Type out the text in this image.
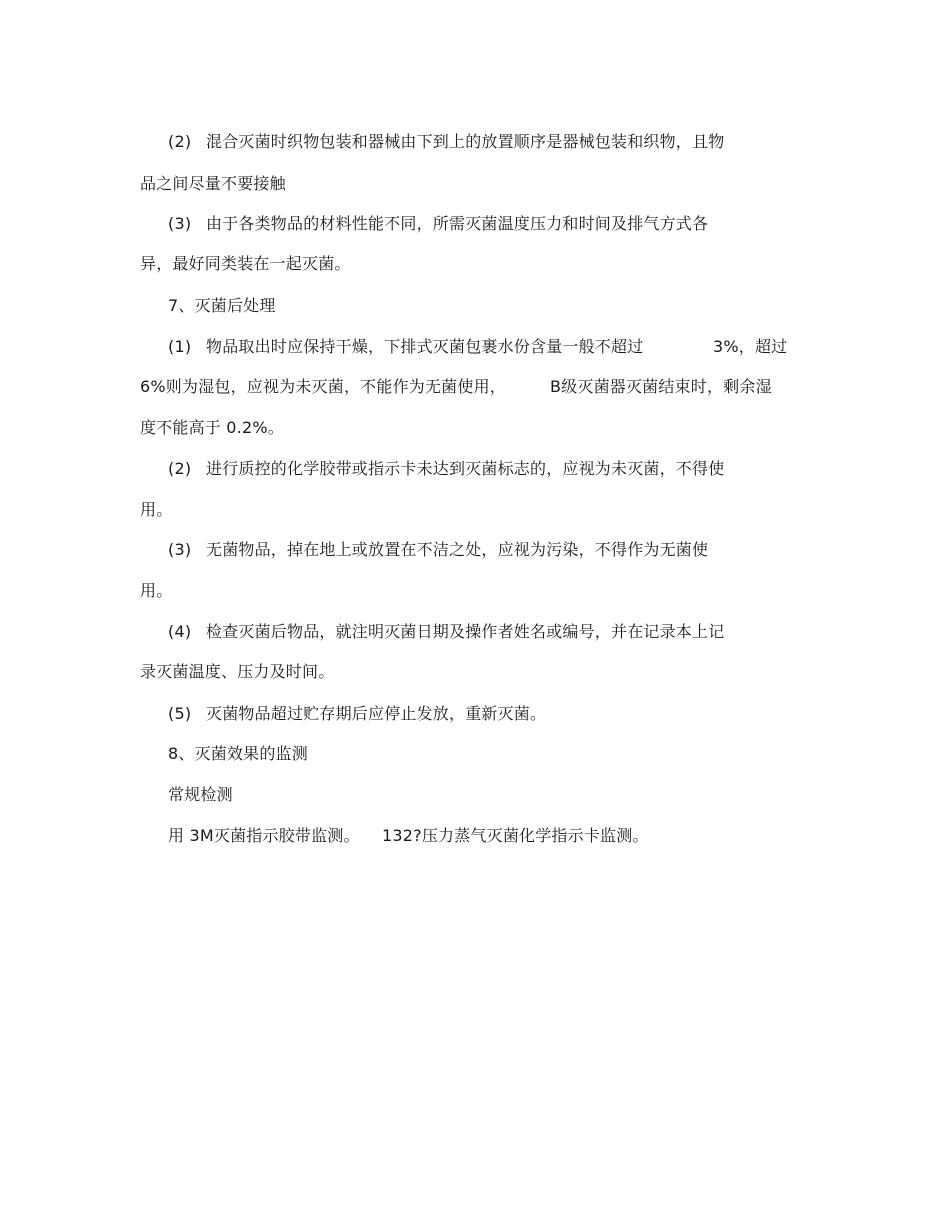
(2) 混合灭菌时织物包装和器械由下到上的放置顺序是器械包装和织物，且物
品之间尽量不要接触
(3) 由于各类物品的材料性能不同，所需灭菌温度压力和时间及排气方式各
异，最好同类装在一起灭菌。
7、灭菌后处理
(1) 物品取出时应保持干燥，下排式灭菌包裹水份含量一般不超过	3%，超过
6%则为湿包，应视为未灭菌，不能作为无菌使用，	B级灭菌器灭菌结束时，剩余湿
度不能高于 0.2%。
(2) 进行质控的化学胶带或指示卡未达到灭菌标志的，应视为未灭菌，不得使
用。
(3) 无菌物品，掉在地上或放置在不洁之处，应视为污染，不得作为无菌使
用。
(4) 检查灭菌后物品，就注明灭菌日期及操作者姓名或编号，并在记录本上记
录灭菌温度、压力及时间。
(5) 灭菌物品超过贮存期后应停止发放，重新灭菌。
8、灭菌效果的监测
常规检测
用 3M灭菌指示胶带监测。 132?压力蒸气灭菌化学指示卡监测。
